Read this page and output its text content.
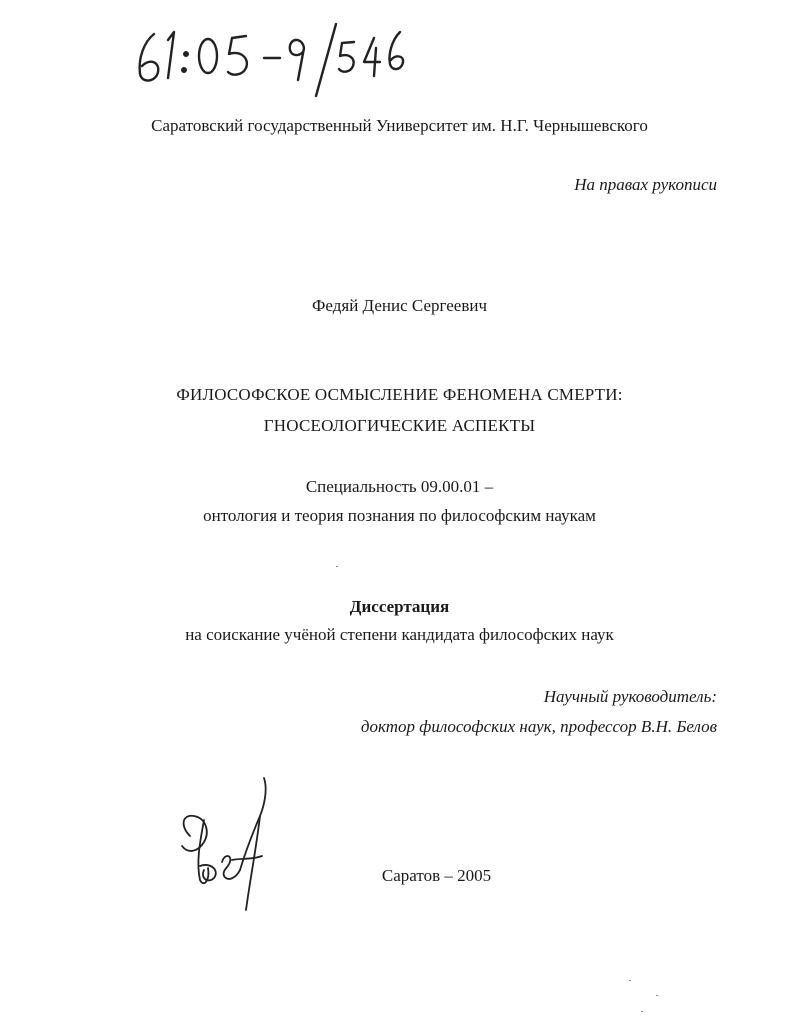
Саратовский государственный Университет им. Н.Г. Чернышевского
На правах рукописи
Федяй Денис Сергеевич
ФИЛОСОФСКОЕ ОСМЫСЛЕНИЕ ФЕНОМЕНА СМЕРТИ:
ГНОСЕОЛОГИЧЕСКИЕ АСПЕКТЫ
Специальность 09.00.01 –
онтология и теория познания по философским наукам
Диссертация
на соискание учёной степени кандидата философских наук
Научный руководитель:
доктор философских наук, профессор В.Н. Белов
Саратов – 2005
